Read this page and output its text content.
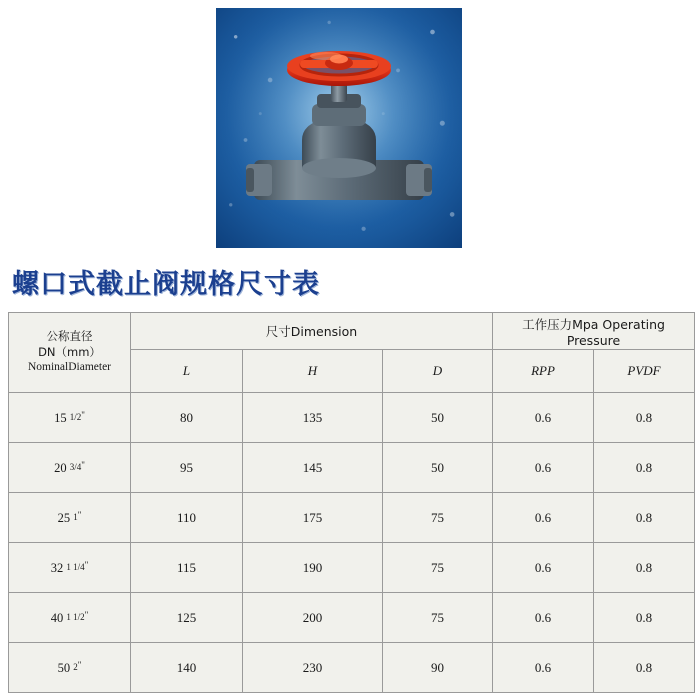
螺口式截止阀规格尺寸表
公称直径
DN（mm）
NominalDiameter	尺寸Dimension			工作压力Mpa Operating Pressure	
	L	H	D	RPP	PVDF
15 1/2"	80	135	50	0.6	0.8
20 3/4"	95	145	50	0.6	0.8
25 1"	110	175	75	0.6	0.8
32 1 1/4"	115	190	75	0.6	0.8
40 1 1/2"	125	200	75	0.6	0.8
50 2"	140	230	90	0.6	0.8
